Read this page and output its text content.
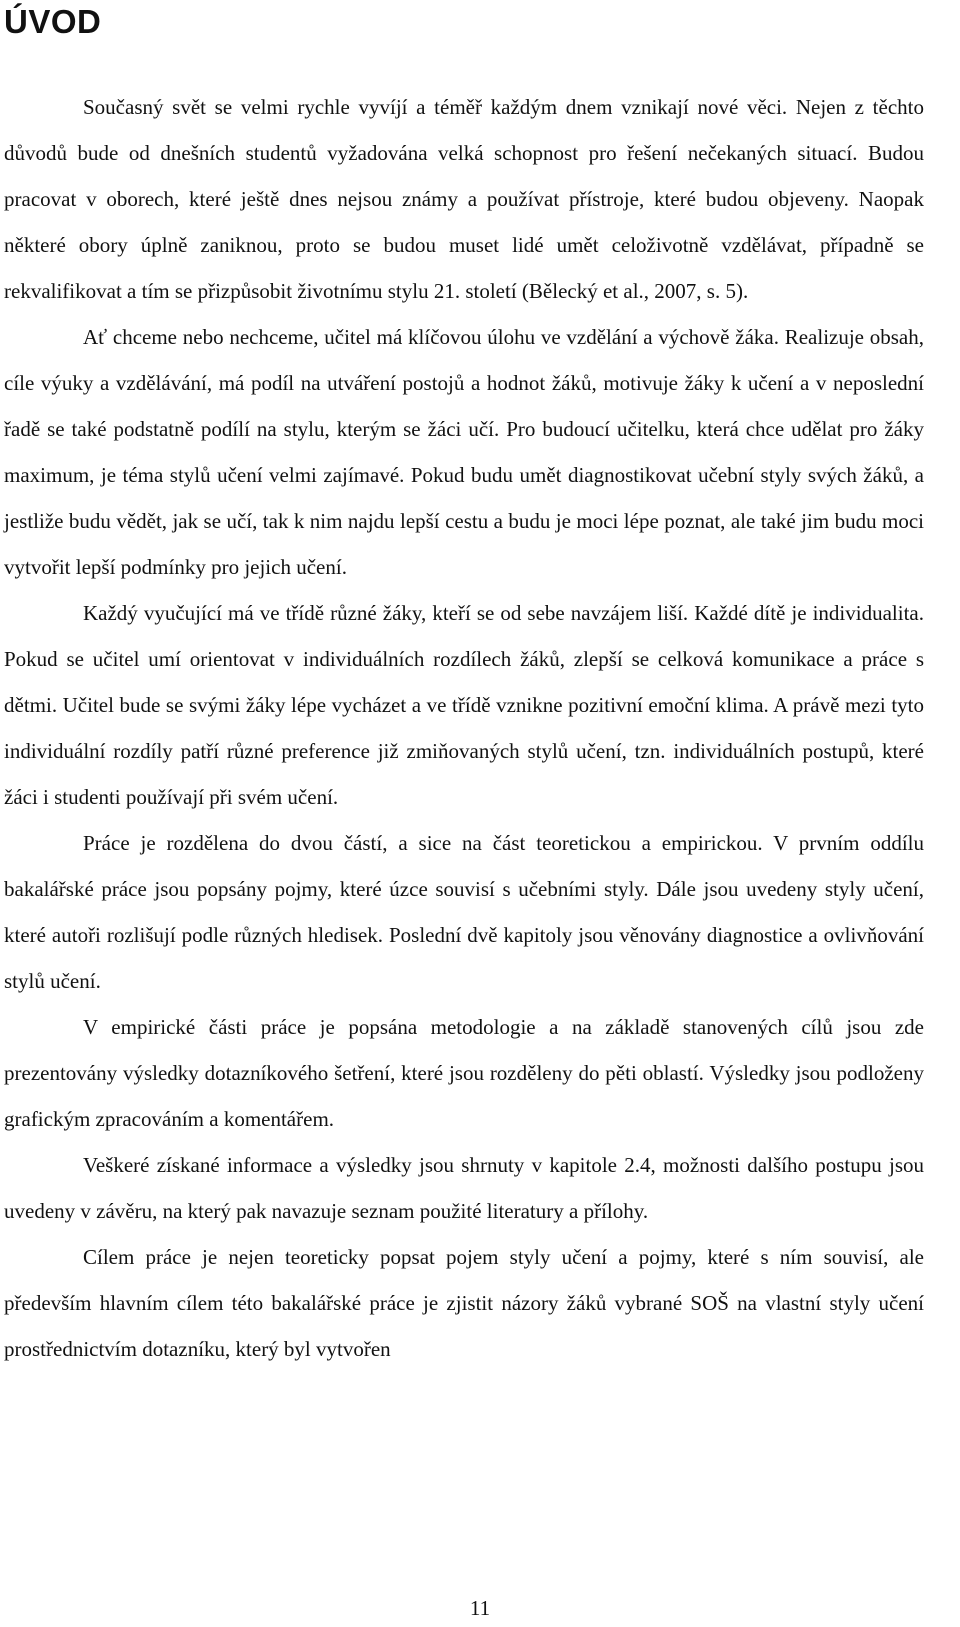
ÚVOD

Současný svět se velmi rychle vyvíjí a téměř každým dnem vznikají nové věci. Nejen z těchto důvodů bude od dnešních studentů vyžadována velká schopnost pro řešení nečekaných situací. Budou pracovat v oborech, které ještě dnes nejsou známy a používat přístroje, které budou objeveny. Naopak některé obory úplně zaniknou, proto se budou muset lidé umět celoživotně vzdělávat, případně se rekvalifikovat a tím se přizpůsobit životnímu stylu 21. století (Bělecký et al., 2007, s. 5).

Ať chceme nebo nechceme, učitel má klíčovou úlohu ve vzdělání a výchově žáka. Realizuje obsah, cíle výuky a vzdělávání, má podíl na utváření postojů a hodnot žáků, motivuje žáky k učení a v neposlední řadě se také podstatně podílí na stylu, kterým se žáci učí. Pro budoucí učitelku, která chce udělat pro žáky maximum, je téma stylů učení velmi zajímavé. Pokud budu umět diagnostikovat učební styly svých žáků, a jestliže budu vědět, jak se učí, tak k nim najdu lepší cestu a budu je moci lépe poznat, ale také jim budu moci vytvořit lepší podmínky pro jejich učení.

Každý vyučující má ve třídě různé žáky, kteří se od sebe navzájem liší. Každé dítě je individualita. Pokud se učitel umí orientovat v individuálních rozdílech žáků, zlepší se celková komunikace a práce s dětmi. Učitel bude se svými žáky lépe vycházet a ve třídě vznikne pozitivní emoční klima. A právě mezi tyto individuální rozdíly patří různé preference již zmiňovaných stylů učení, tzn. individuálních postupů, které žáci i studenti používají při svém učení.

Práce je rozdělena do dvou částí, a sice na část teoretickou a empirickou. V prvním oddílu bakalářské práce jsou popsány pojmy, které úzce souvisí s učebními styly. Dále jsou uvedeny styly učení, které autoři rozlišují podle různých hledisek. Poslední dvě kapitoly jsou věnovány diagnostice a ovlivňování stylů učení.

V empirické části práce je popsána metodologie a na základě stanovených cílů jsou zde prezentovány výsledky dotazníkového šetření, které jsou rozděleny do pěti oblastí. Výsledky jsou podloženy grafickým zpracováním a komentářem.

Veškeré získané informace a výsledky jsou shrnuty v kapitole 2.4, možnosti dalšího postupu jsou uvedeny v závěru, na který pak navazuje seznam použité literatury a přílohy.

Cílem práce je nejen teoreticky popsat pojem styly učení a pojmy, které s ním souvisí, ale především hlavním cílem této bakalářské práce je zjistit názory žáků vybrané SOŠ na vlastní styly učení prostřednictvím dotazníku, který byl vytvořen

11
